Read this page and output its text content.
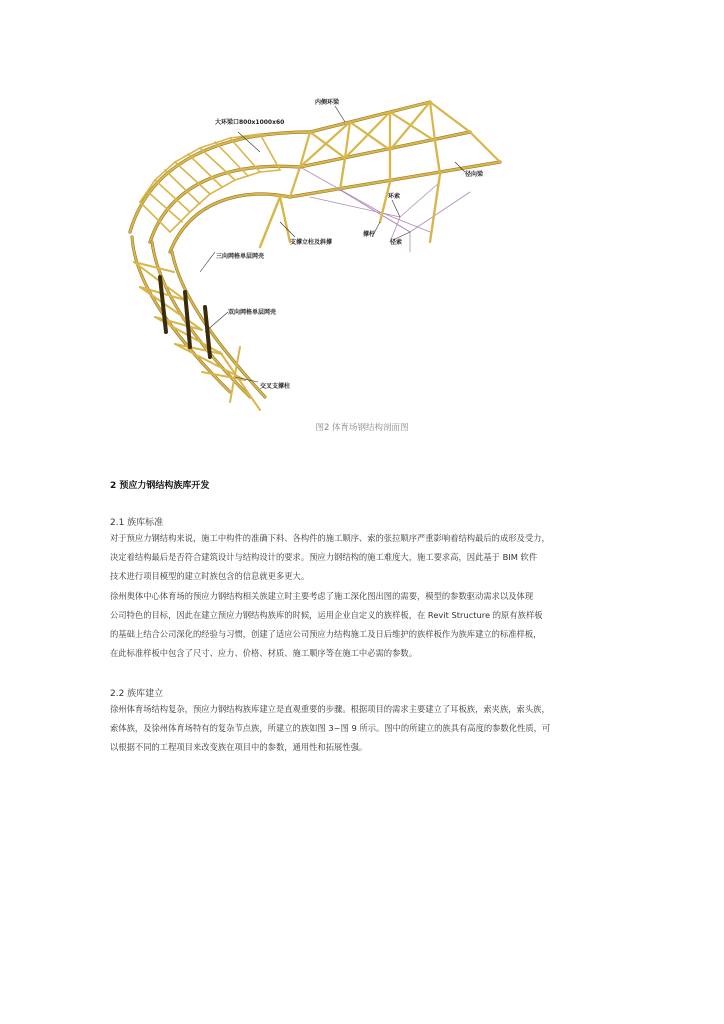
大环梁口800x1000x60
内侧环梁
径向梁
环索
撑杆
径索
支撑立柱及斜撑
三向网格单层网壳
双向网格单层网壳
交叉支撑柱
图2 体育场钢结构剖面图
2 预应力钢结构族库开发
2.1 族库标准

对于预应力钢结构来说，施工中构件的准确下料、各构件的施工顺序、索的张拉顺序严重影响着结构最后的成形及受力，
决定着结构最后是否符合建筑设计与结构设计的要求。预应力钢结构的施工难度大，施工要求高，因此基于 BIM 软件
技术进行项目模型的建立时族包含的信息就更多更大。
徐州奥体中心体育场的预应力钢结构相关族建立时主要考虑了施工深化图出图的需要，模型的参数驱动需求以及体现
公司特色的目标，因此在建立预应力钢结构族库的时候，运用企业自定义的族样板，在 Revit Structure 的原有族样板
的基础上结合公司深化的经验与习惯，创建了适应公司预应力结构施工及日后维护的族样板作为族库建立的标准样板，
在此标准样板中包含了尺寸、应力、价格、材质、施工顺序等在施工中必需的参数。

2.2 族库建立

徐州体育场结构复杂，预应力钢结构族库建立是直观重要的步骤。根据项目的需求主要建立了耳板族，索夹族，索头族，
索体族，及徐州体育场特有的复杂节点族，所建立的族如图 3~图 9 所示。图中的所建立的族具有高度的参数化性质，可
以根据不同的工程项目来改变族在项目中的参数，通用性和拓展性强。
